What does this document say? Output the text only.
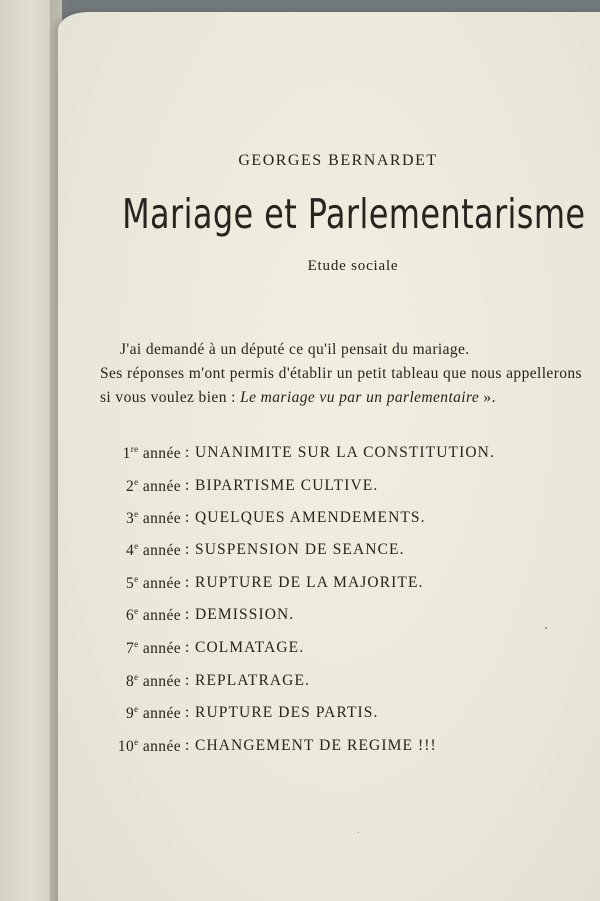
GEORGES BERNARDET
Mariage et Parlementarisme
Etude sociale
J'ai demandé à un député ce qu'il pensait du mariage.
Ses réponses m'ont permis d'établir un petit tableau que nous appellerons si vous voulez bien : Le mariage vu par un parlementaire ».
1re année : UNANIMITE SUR LA CONSTITUTION.
2e année : BIPARTISME CULTIVE.
3e année : QUELQUES AMENDEMENTS.
4e année : SUSPENSION DE SEANCE.
5e année : RUPTURE DE LA MAJORITE.
6e année : DEMISSION.
7e année : COLMATAGE.
8e année : REPLATRAGE.
9e année : RUPTURE DES PARTIS.
10e année : CHANGEMENT DE REGIME !!!
